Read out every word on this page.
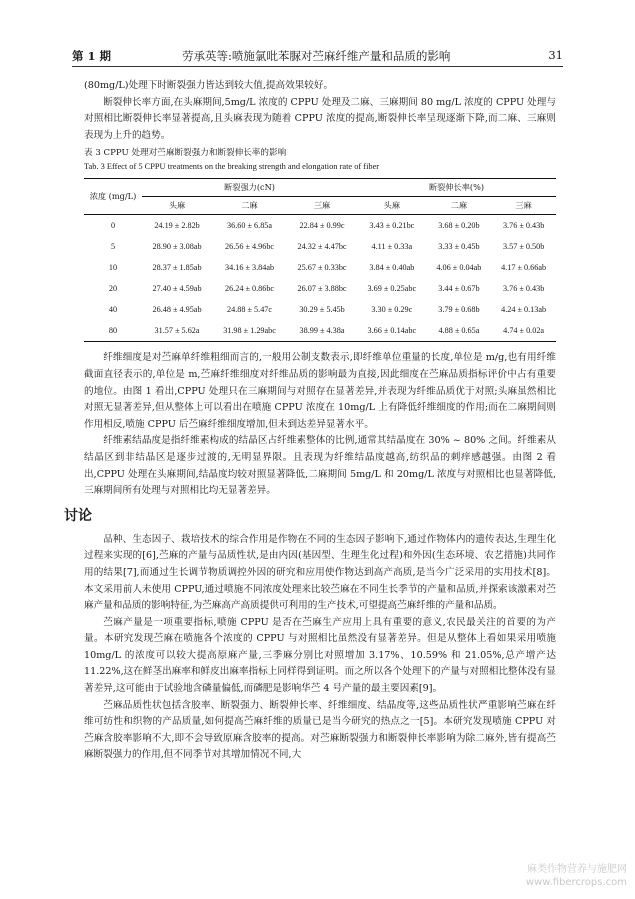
第 1 期	劳承英等:喷施氯吡苯脲对苎麻纤维产量和品质的影响	31

(80mg/L)处理下时断裂强力皆达到较大值,提高效果较好。

断裂伸长率方面,在头麻期间,5mg/L 浓度的 CPPU 处理及二麻、三麻期间 80 mg/L 浓度的 CPPU 处理与对照相比断裂伸长率显著提高,且头麻表现为随着 CPPU 浓度的提高,断裂伸长率呈现逐渐下降,而二麻、三麻则表现为上升的趋势。

表 3 CPPU 处理对苎麻断裂强力和断裂伸长率的影响

Tab. 3 Effect of 5 CPPU treatments on the breaking strength and elongation rate of fiber

浓度 (mg/L)	断裂强力(cN)			断裂伸长率(%)		
	头麻	二麻	三麻	头麻	二麻	三麻
0	24.19 ± 2.82b	36.60 ± 6.85a	22.84 ± 0.99c	3.43 ± 0.21bc	3.68 ± 0.20b	3.76 ± 0.43b
5	28.90 ± 3.08ab	26.56 ± 4.96bc	24.32 ± 4.47bc	4.11 ± 0.33a	3.33 ± 0.45b	3.57 ± 0.50b
10	28.37 ± 1.85ab	34.16 ± 3.84ab	25.67 ± 0.33bc	3.84 ± 0.40ab	4.06 ± 0.04ab	4.17 ± 0.66ab
20	27.40 ± 4.59ab	26.24 ± 0.86bc	26.07 ± 3.88bc	3.69 ± 0.25abc	3.44 ± 0.67b	3.76 ± 0.43b
40	26.48 ± 4.95ab	24.88 ± 5.47c	30.29 ± 5.45b	3.30 ± 0.29c	3.79 ± 0.68b	4.24 ± 0.13ab
80	31.57 ± 5.62a	31.98 ± 1.29abc	38.99 ± 4.38a	3.66 ± 0.14abc	4.88 ± 0.65a	4.74 ± 0.02a

纤维细度是对苎麻单纤维粗细而言的,一般用公制支数表示,即纤维单位重量的长度,单位是 m/g,也有用纤维截面直径表示的,单位是 m,苎麻纤维细度对纤维品质的影响最为直接,因此细度在苎麻品质指标评价中占有重要的地位。由图 1 看出,CPPU 处理只在三麻期间与对照存在显著差异,并表现为纤维品质优于对照;头麻虽然相比对照无显著差异,但从整体上可以看出在喷施 CPPU 浓度在 10mg/L 上有降低纤维细度的作用;而在二麻期间则作用相反,喷施 CPPU 后苎麻纤维细度增加,但未到达差异显著水平。

纤维素结晶度是指纤维素构成的结晶区占纤维素整体的比例,通常其结晶度在 30% ~ 80% 之间。纤维素从结晶区到非结晶区是逐步过渡的,无明显界限。且表现为纤维结晶度越高,纺织品的刺痒感越强。由图 2 看出,CPPU 处理在头麻期间,结晶度均较对照显著降低,二麻期间 5mg/L 和 20mg/L 浓度与对照相比也显著降低,三麻期间所有处理与对照相比均无显著差异。

讨论

品种、生态因子、栽培技术的综合作用是作物在不同的生态因子影响下,通过作物体内的遗传表达,生理生化过程来实现的[6],苎麻的产量与品质性状,是由内因(基因型、生理生化过程)和外因(生态环境、农艺措施)共同作用的结果[7],而通过生长调节物质调控外因的研究和应用使作物达到高产高质,是当今广泛采用的实用技术[8]。本文采用前人未使用 CPPU,通过喷施不同浓度处理来比较苎麻在不同生长季节的产量和品质,并探索该激素对苎麻产量和品质的影响特征,为苎麻高产高质提供可利用的生产技术,可望提高苎麻纤维的产量和品质。

苎麻产量是一项重要指标,喷施 CPPU 是否在苎麻生产应用上具有重要的意义,农民最关注的首要的为产量。本研究发现苎麻在喷施各个浓度的 CPPU 与对照相比虽然没有显著差异。但是从整体上看如果采用喷施 10mg/L 的浓度可以较大提高原麻产量,三季麻分别比对照增加 3.17%、10.59% 和 21.05%,总产增产达 11.22%,这在鲜茎出麻率和鲜皮出麻率指标上同样得到证明。而之所以各个处理下的产量与对照相比整体没有显著差异,这可能由于试验地含磷量偏低,而磷肥是影响华苎 4 号产量的最主要因素[9]。

苎麻品质性状包括含胶率、断裂强力、断裂伸长率、纤维细度、结晶度等,这些品质性状严重影响苎麻在纤维可纺性和织物的产品质量,如何提高苎麻纤维的质量已是当今研究的热点之一[5]。本研究发现喷施 CPPU 对苎麻含胶率影响不大,即不会导致原麻含胶率的提高。对苎麻断裂强力和断裂伸长率影响为除二麻外,皆有提高苎麻断裂强力的作用,但不同季节对其增加情况不同,大

麻类作物营养与施肥网
www.fibercrops.com
